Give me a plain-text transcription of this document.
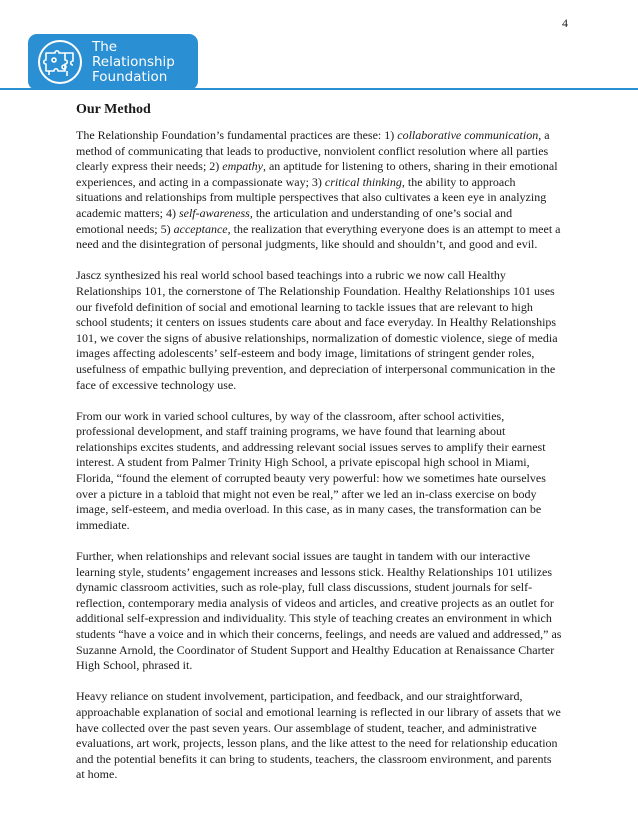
4
The
Relationship
Foundation
Our Method

The Relationship Foundation’s fundamental practices are these: 1) collaborative communication, a method of communicating that leads to productive, nonviolent conflict resolution where all parties clearly express their needs; 2) empathy, an aptitude for listening to others, sharing in their emotional experiences, and acting in a compassionate way; 3) critical thinking, the ability to approach situations and relationships from multiple perspectives that also cultivates a keen eye in analyzing academic matters; 4) self-awareness, the articulation and understanding of one’s social and emotional needs; 5) acceptance, the realization that everything everyone does is an attempt to meet a need and the disintegration of personal judgments, like should and shouldn’t, and good and evil.

Jascz synthesized his real world school based teachings into a rubric we now call Healthy Relationships 101, the cornerstone of The Relationship Foundation. Healthy Relationships 101 uses our fivefold definition of social and emotional learning to tackle issues that are relevant to high school students; it centers on issues students care about and face everyday. In Healthy Relationships 101, we cover the signs of abusive relationships, normalization of domestic violence, siege of media images affecting adolescents’ self-esteem and body image, limitations of stringent gender roles, usefulness of empathic bullying prevention, and depreciation of interpersonal communication in the face of excessive technology use.

From our work in varied school cultures, by way of the classroom, after school activities, professional development, and staff training programs, we have found that learning about relationships excites students, and addressing relevant social issues serves to amplify their earnest interest. A student from Palmer Trinity High School, a private episcopal high school in Miami, Florida, “found the element of corrupted beauty very powerful: how we sometimes hate ourselves over a picture in a tabloid that might not even be real,” after we led an in-class exercise on body image, self-esteem, and media overload. In this case, as in many cases, the transformation can be immediate.

Further, when relationships and relevant social issues are taught in tandem with our interactive learning style, students’ engagement increases and lessons stick. Healthy Relationships 101 utilizes dynamic classroom activities, such as role-play, full class discussions, student journals for self-reflection, contemporary media analysis of videos and articles, and creative projects as an outlet for additional self-expression and individuality. This style of teaching creates an environment in which students “have a voice and in which their concerns, feelings, and needs are valued and addressed,” as Suzanne Arnold, the Coordinator of Student Support and Healthy Education at Renaissance Charter High School, phrased it.

Heavy reliance on student involvement, participation, and feedback, and our straightforward, approachable explanation of social and emotional learning is reflected in our library of assets that we have collected over the past seven years. Our assemblage of student, teacher, and administrative evaluations, art work, projects, lesson plans, and the like attest to the need for relationship education and the potential benefits it can bring to students, teachers, the classroom environment, and parents at home.
